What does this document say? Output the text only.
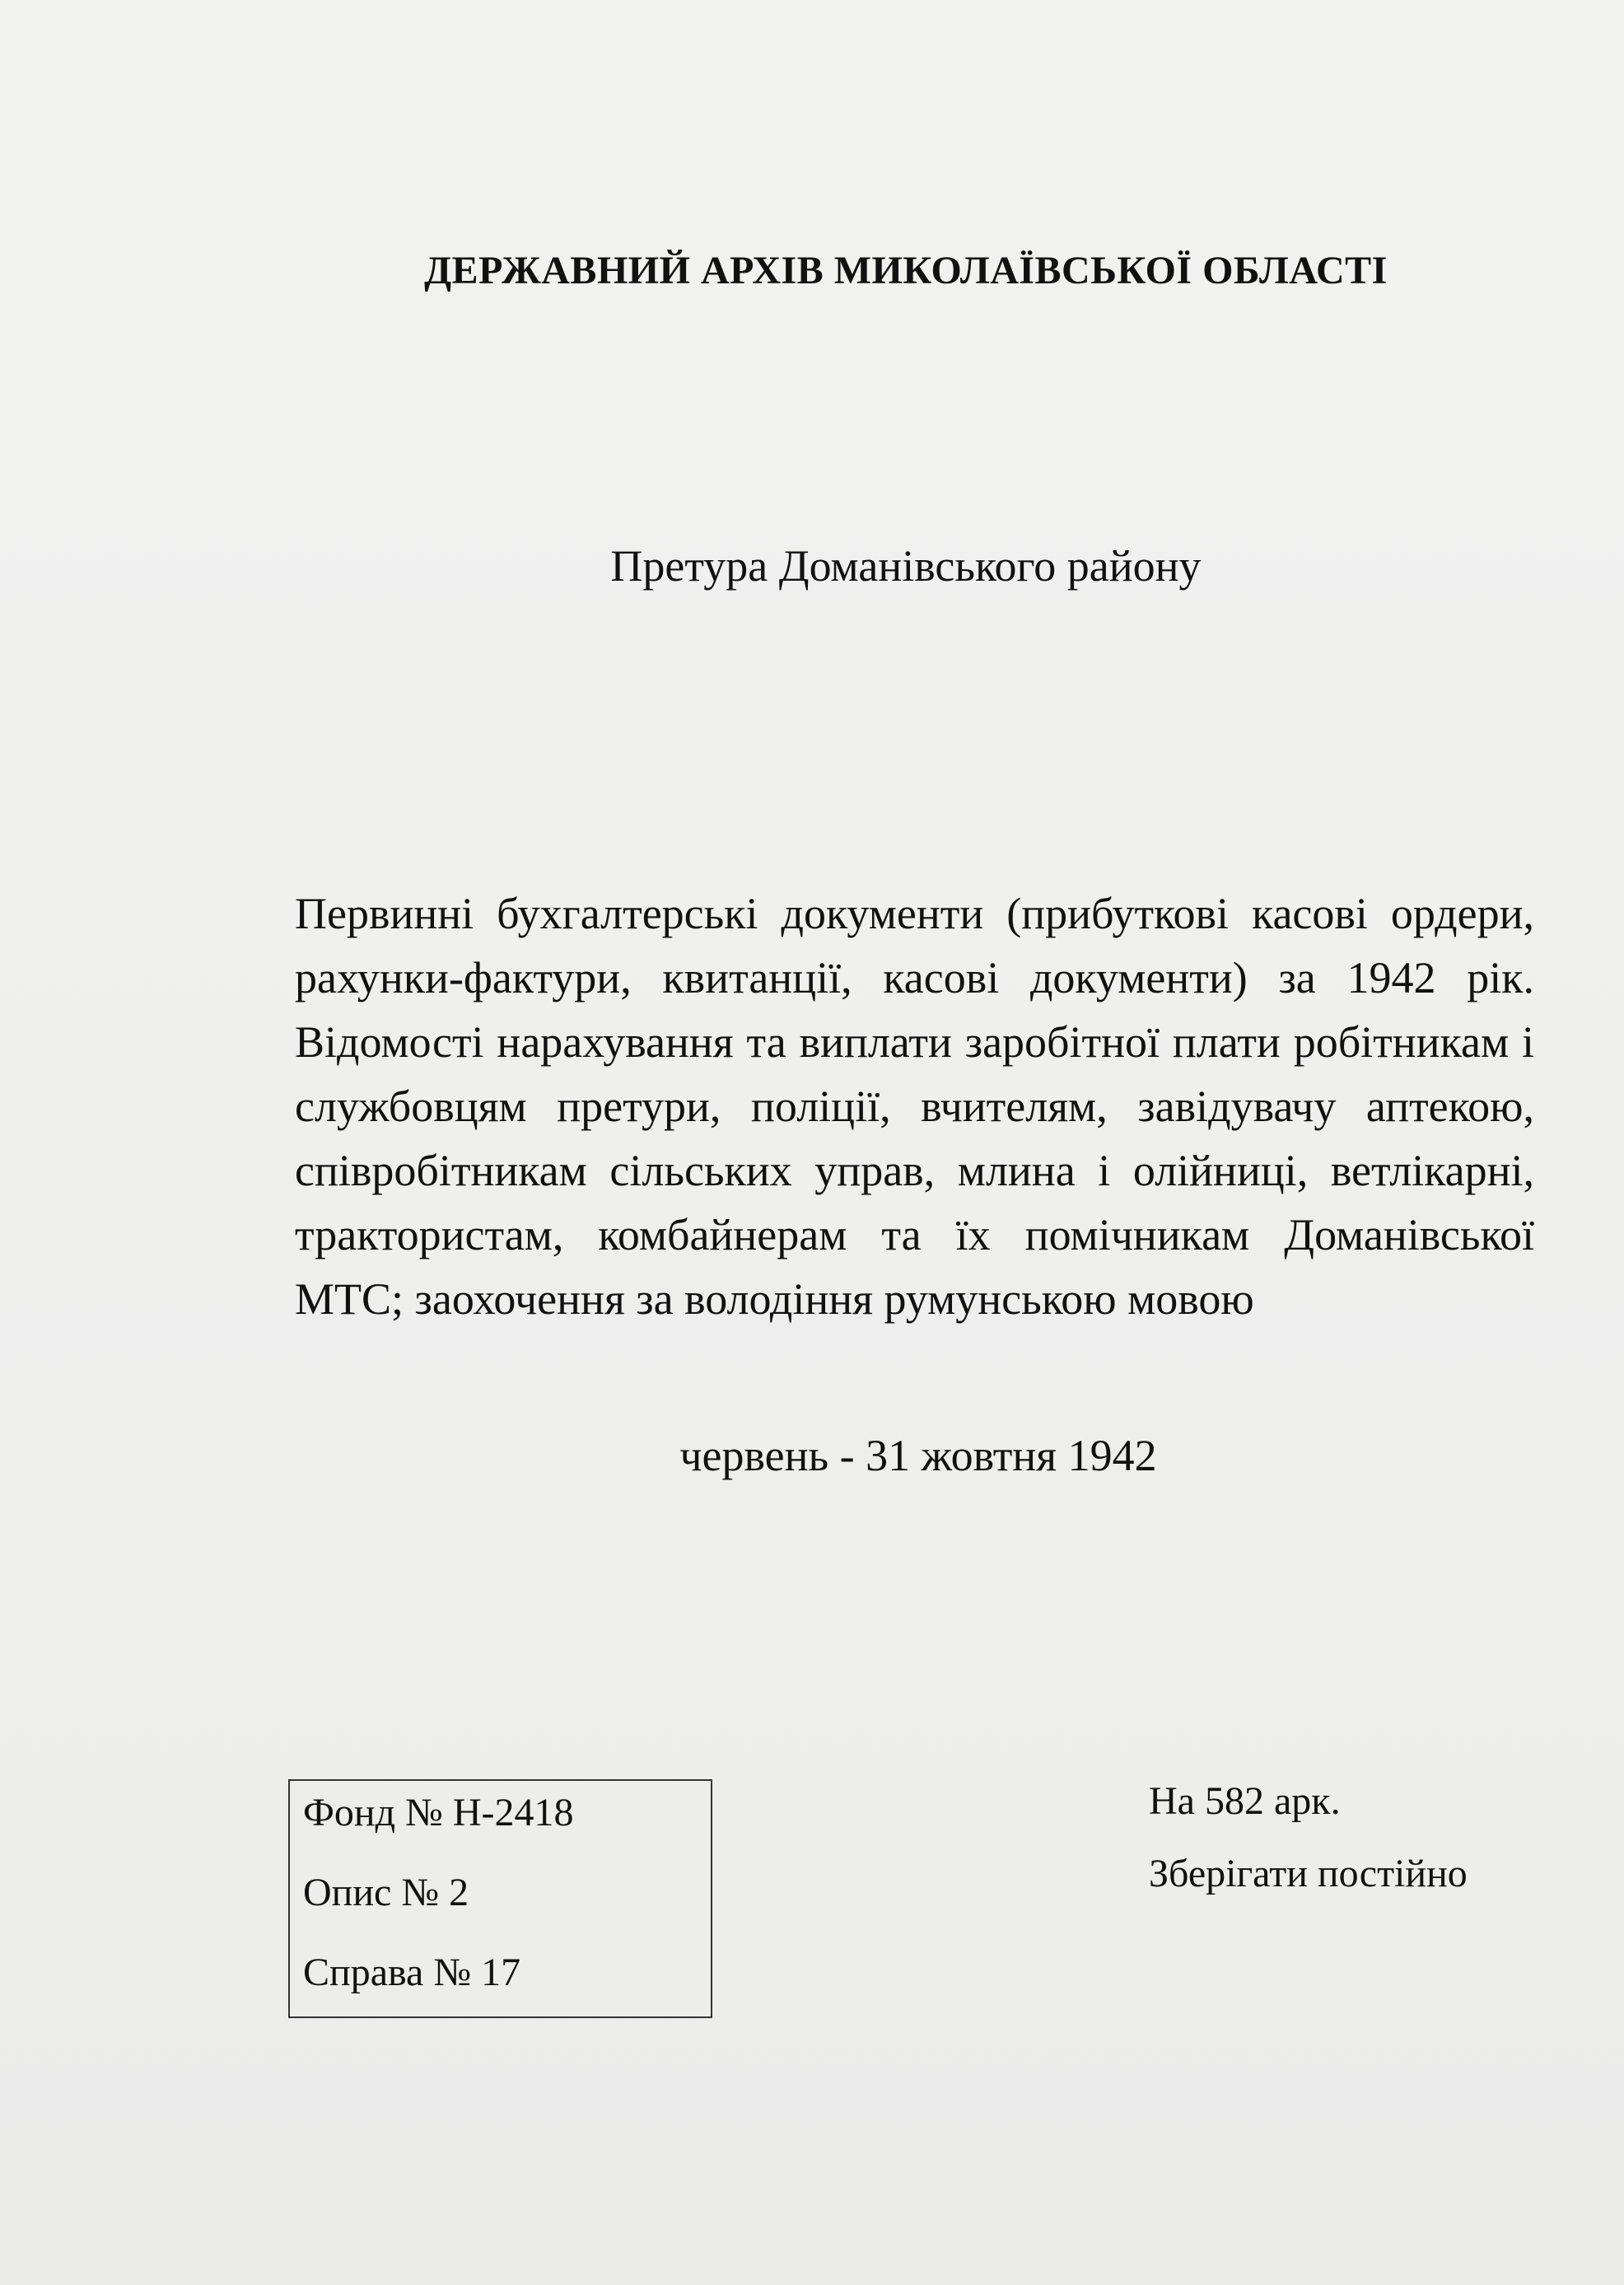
ДЕРЖАВНИЙ АРХІВ МИКОЛАЇВСЬКОЇ ОБЛАСТІ
Претура Доманівського району

Первинні бухгалтерські документи (прибуткові касові ордери, рахунки-фактури, квитанції, касові документи) за 1942 рік. Відомості нарахування та виплати заробітної плати робітникам і службовцям претури, поліції, вчителям, завідувачу аптекою, співробітникам сільських управ, млина і олійниці, ветлікарні, трактористам, комбайнерам та їх помічникам Доманівської МТС; заохочення за володіння румунською мовою

червень - 31 жовтня 1942

Фонд № Н-2418

Опис № 2

Справа № 17

На 582 арк.

Зберігати постійно
